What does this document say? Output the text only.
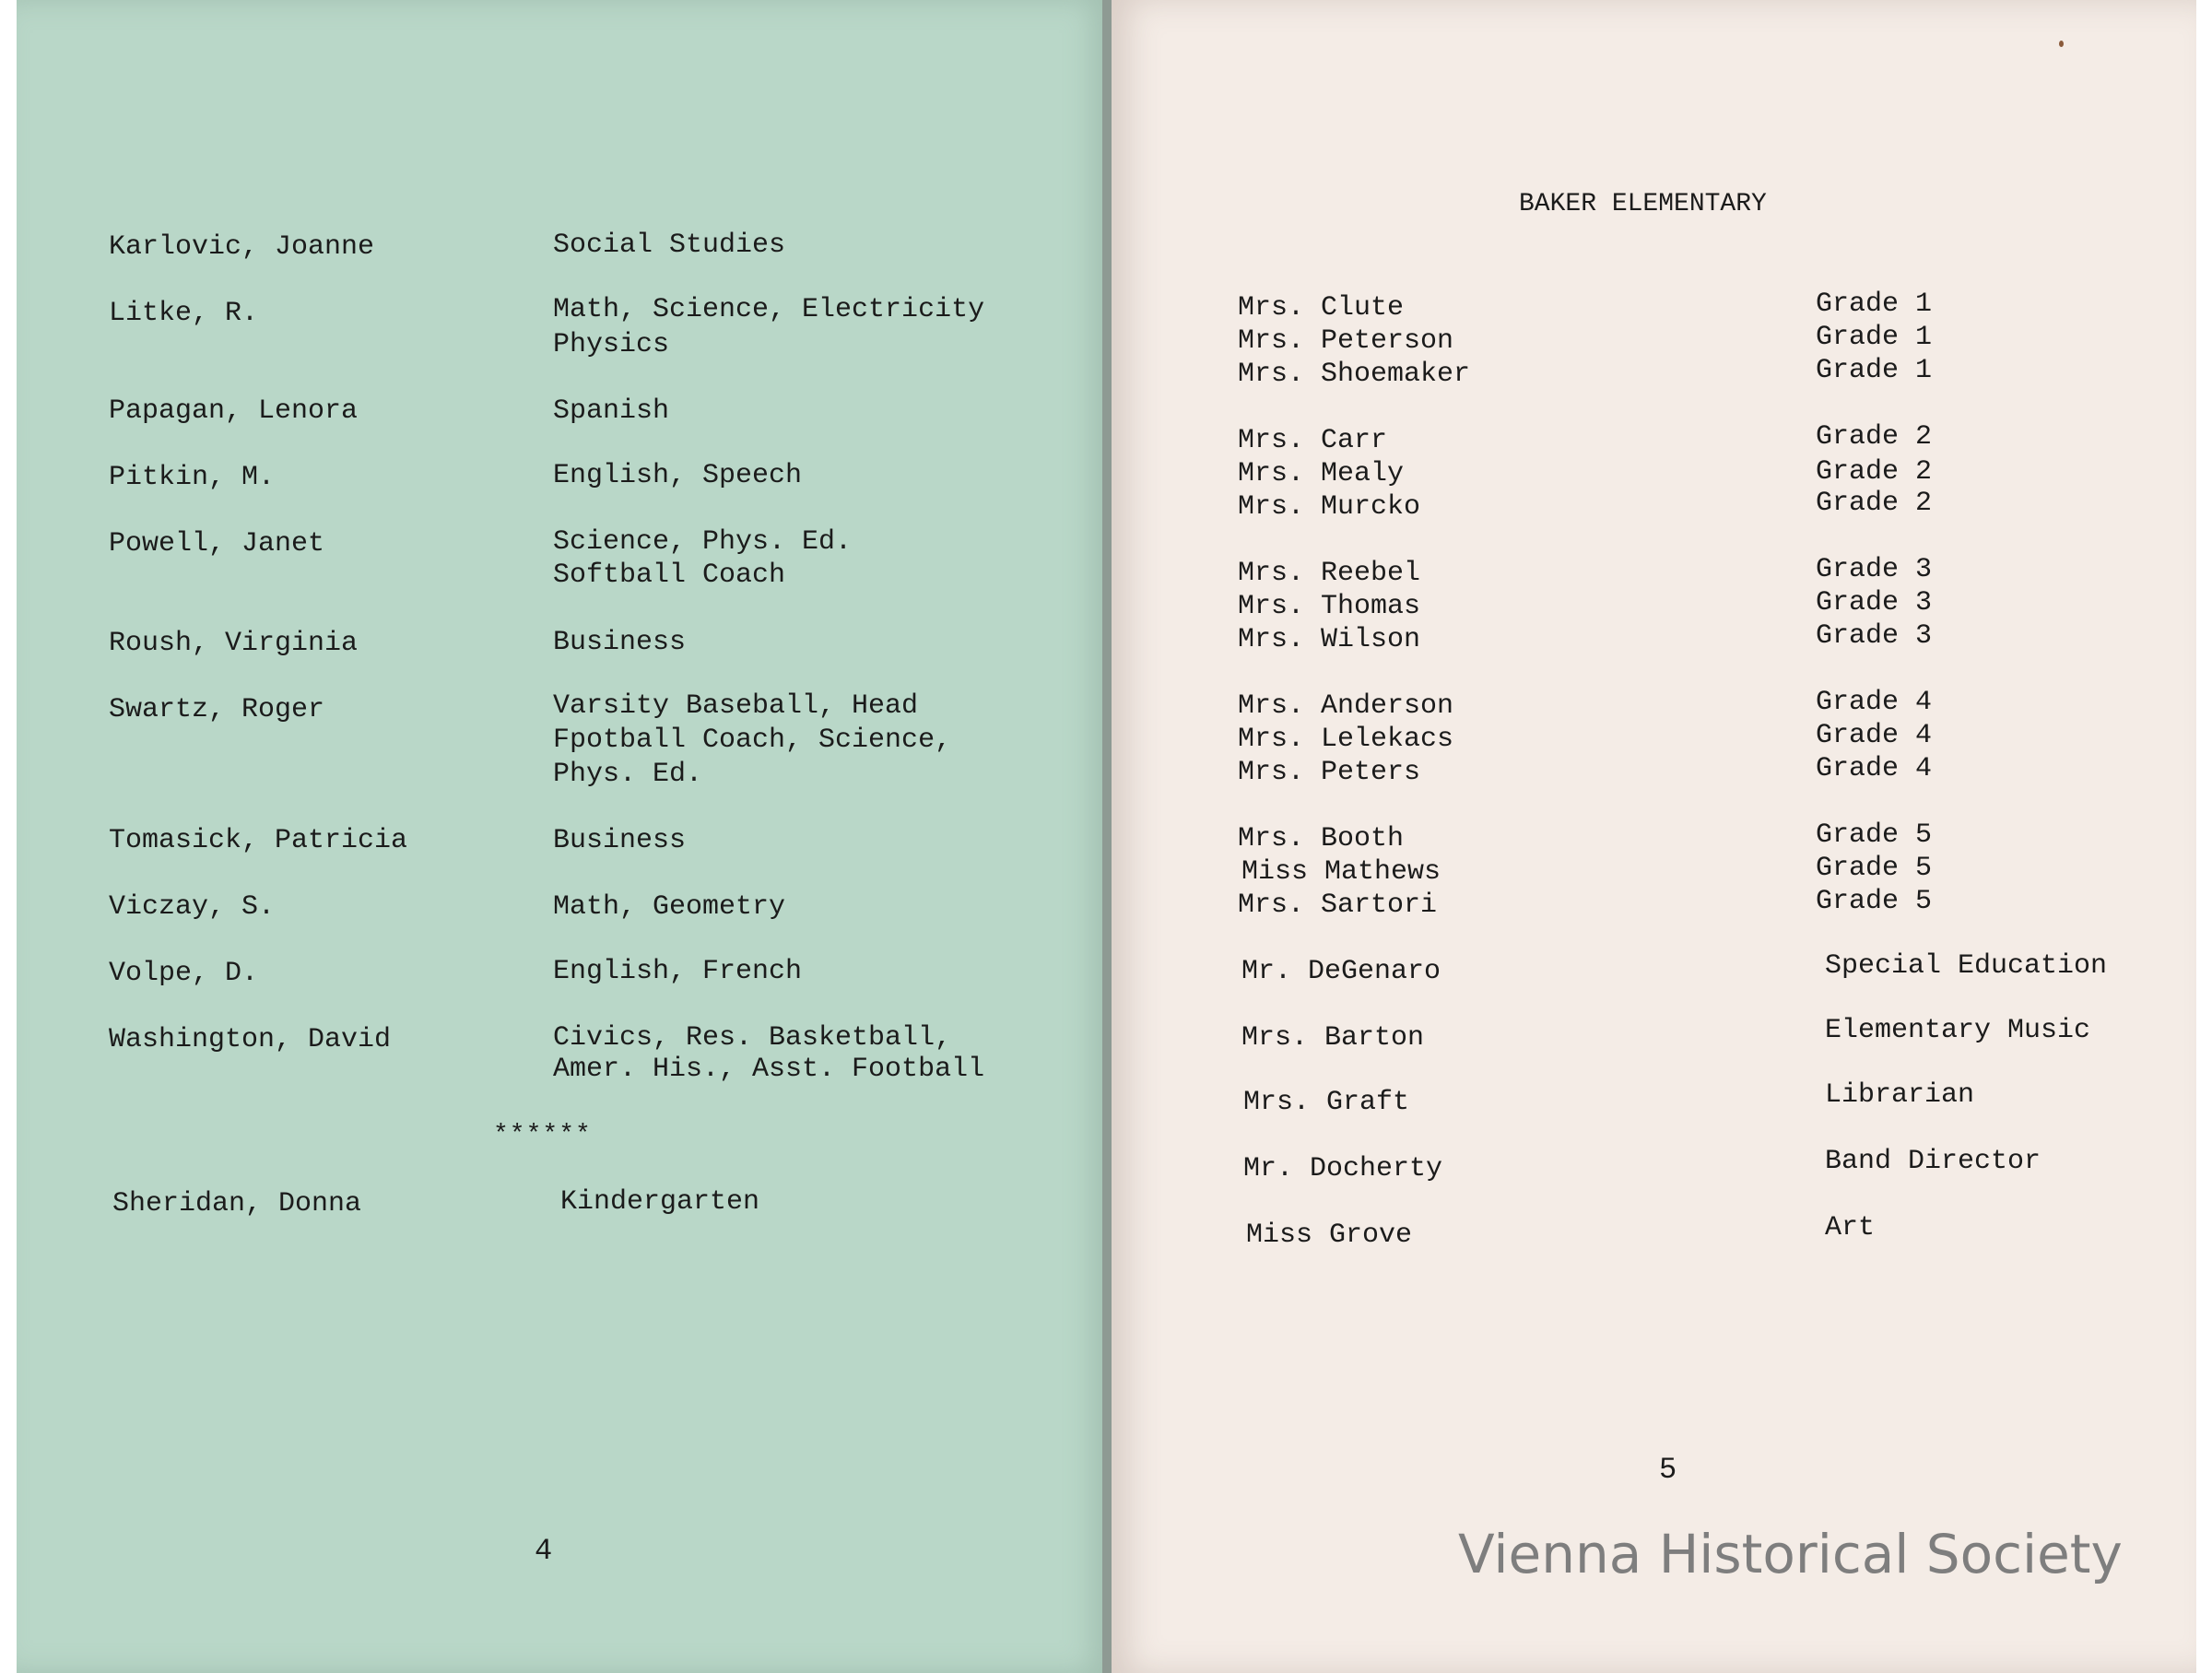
Karlovic, Joanne	Social Studies
Litke, R.	Math, Science, Electricity
Physics
Papagan, Lenora	Spanish
Pitkin, M.	English, Speech
Powell, Janet	Science, Phys. Ed.
Softball Coach
Roush, Virginia	Business
Swartz, Roger	Varsity Baseball, Head
Fpotball Coach, Science,
Phys. Ed.
Tomasick, Patricia	Business
Viczay, S.	Math, Geometry
Volpe, D.	English, French
Washington, David	Civics, Res. Basketball,
Amer. His., Asst. Football
******
Sheridan, Donna	Kindergarten
4
BAKER ELEMENTARY
Mrs. Clute	Grade 1
Mrs. Peterson	Grade 1
Mrs. Shoemaker	Grade 1
Mrs. Carr	Grade 2
Mrs. Mealy	Grade 2
Mrs. Murcko	Grade 2
Mrs. Reebel	Grade 3
Mrs. Thomas	Grade 3
Mrs. Wilson	Grade 3
Mrs. Anderson	Grade 4
Mrs. Lelekacs	Grade 4
Mrs. Peters	Grade 4
Mrs. Booth	Grade 5
Miss Mathews	Grade 5
Mrs. Sartori	Grade 5
Mr. DeGenaro	Special Education
Mrs. Barton	Elementary Music
Mrs. Graft	Librarian
Mr. Docherty	Band Director
Miss Grove	Art
5
Vienna Historical Society
